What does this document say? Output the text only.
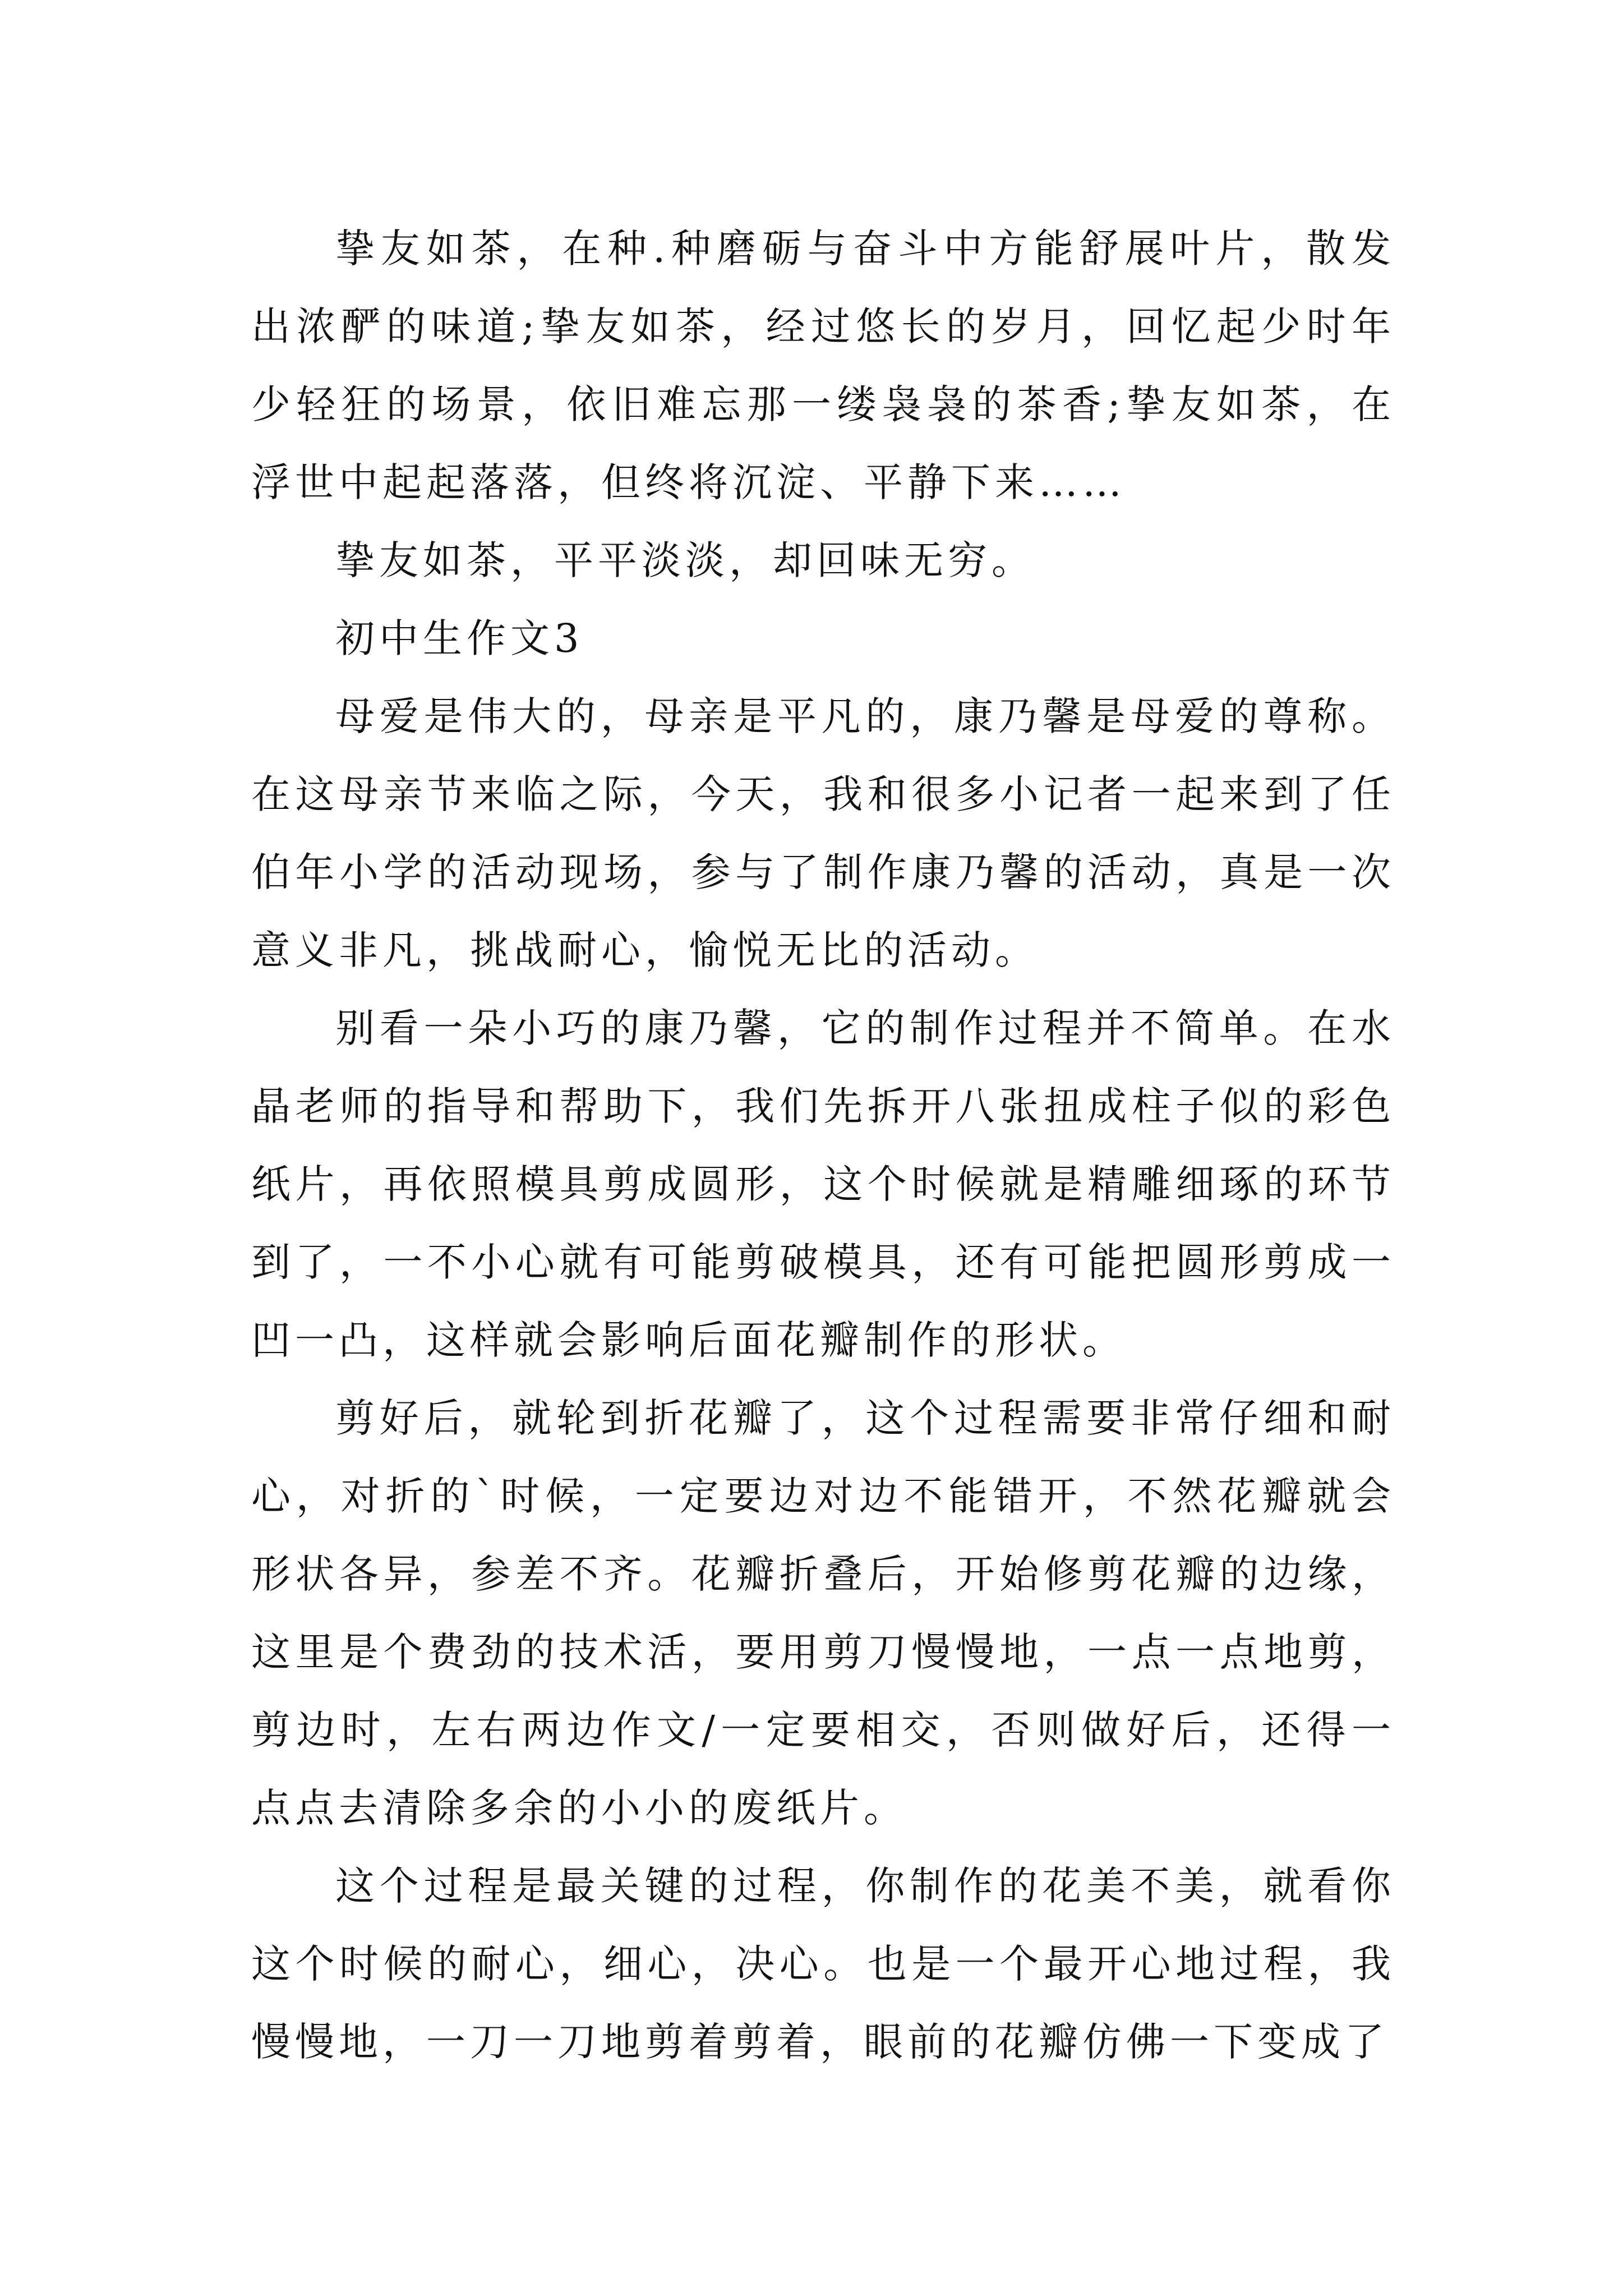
挚友如茶，在种.种磨砺与奋斗中方能舒展叶片，散发出浓酽的味道;挚友如茶，经过悠长的岁月，回忆起少时年少轻狂的场景，依旧难忘那一缕袅袅的茶香;挚友如茶，在浮世中起起落落，但终将沉淀、平静下来……

挚友如茶，平平淡淡，却回味无穷。

初中生作文3

母爱是伟大的，母亲是平凡的，康乃馨是母爱的尊称。在这母亲节来临之际，今天，我和很多小记者一起来到了任伯年小学的活动现场，参与了制作康乃馨的活动，真是一次意义非凡，挑战耐心，愉悦无比的活动。

别看一朵小巧的康乃馨，它的制作过程并不简单。在水晶老师的指导和帮助下，我们先拆开八张扭成柱子似的彩色纸片，再依照模具剪成圆形，这个时候就是精雕细琢的环节到了，一不小心就有可能剪破模具，还有可能把圆形剪成一凹一凸，这样就会影响后面花瓣制作的形状。

剪好后，就轮到折花瓣了，这个过程需要非常仔细和耐心，对折的`时候，一定要边对边不能错开，不然花瓣就会形状各异，参差不齐。花瓣折叠后，开始修剪花瓣的边缘，这里是个费劲的技术活，要用剪刀慢慢地，一点一点地剪，剪边时，左右两边作文/一定要相交，否则做好后，还得一点点去清除多余的小小的废纸片。

这个过程是最关键的过程，你制作的花美不美，就看你这个时候的耐心，细心，决心。也是一个最开心地过程，我慢慢地，一刀一刀地剪着剪着，眼前的花瓣仿佛一下变成了
